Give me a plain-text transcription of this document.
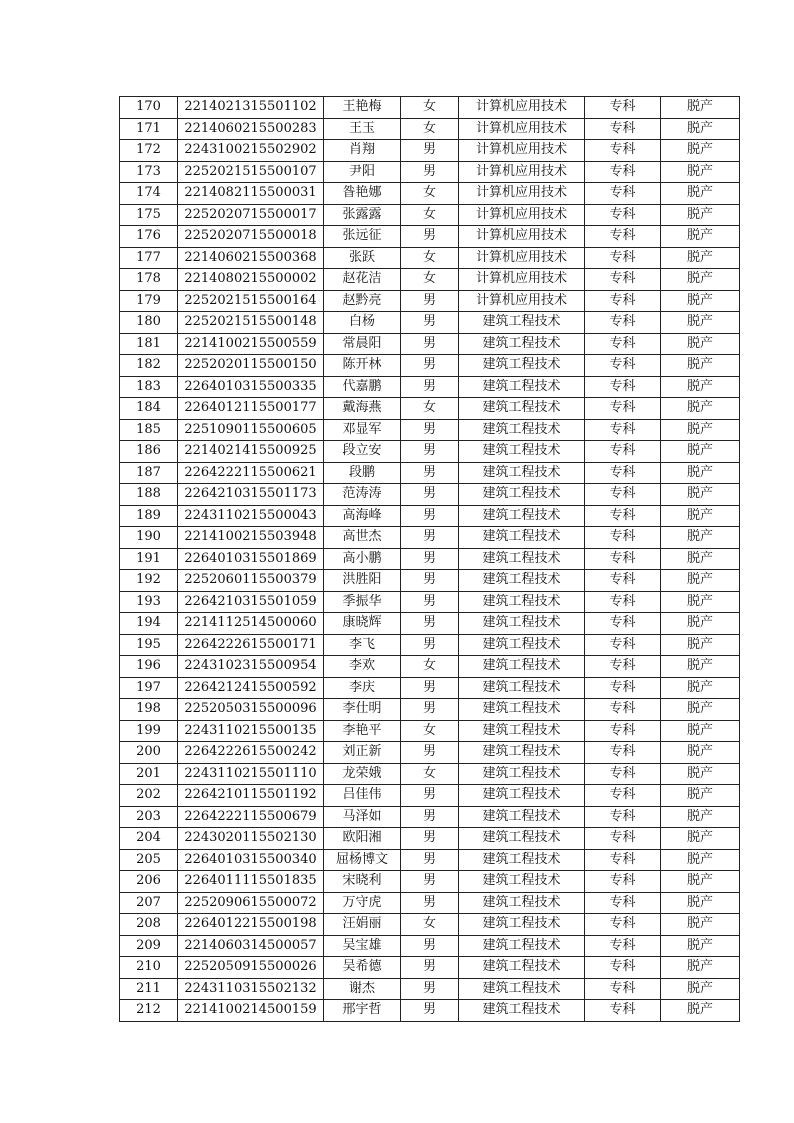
170	2214021315501102	王艳梅	女	计算机应用技术	专科	脱产
171	2214060215500283	王玉	女	计算机应用技术	专科	脱产
172	2243100215502902	肖翔	男	计算机应用技术	专科	脱产
173	2252021515500107	尹阳	男	计算机应用技术	专科	脱产
174	2214082115500031	昝艳娜	女	计算机应用技术	专科	脱产
175	2252020715500017	张露露	女	计算机应用技术	专科	脱产
176	2252020715500018	张远征	男	计算机应用技术	专科	脱产
177	2214060215500368	张跃	女	计算机应用技术	专科	脱产
178	2214080215500002	赵花洁	女	计算机应用技术	专科	脱产
179	2252021515500164	赵黔亮	男	计算机应用技术	专科	脱产
180	2252021515500148	白杨	男	建筑工程技术	专科	脱产
181	2214100215500559	常晨阳	男	建筑工程技术	专科	脱产
182	2252020115500150	陈开林	男	建筑工程技术	专科	脱产
183	2264010315500335	代嘉鹏	男	建筑工程技术	专科	脱产
184	2264012115500177	戴海燕	女	建筑工程技术	专科	脱产
185	2251090115500605	邓显军	男	建筑工程技术	专科	脱产
186	2214021415500925	段立安	男	建筑工程技术	专科	脱产
187	2264222115500621	段鹏	男	建筑工程技术	专科	脱产
188	2264210315501173	范涛涛	男	建筑工程技术	专科	脱产
189	2243110215500043	高海峰	男	建筑工程技术	专科	脱产
190	2214100215503948	高世杰	男	建筑工程技术	专科	脱产
191	2264010315501869	高小鹏	男	建筑工程技术	专科	脱产
192	2252060115500379	洪胜阳	男	建筑工程技术	专科	脱产
193	2264210315501059	季振华	男	建筑工程技术	专科	脱产
194	2214112514500060	康晓辉	男	建筑工程技术	专科	脱产
195	2264222615500171	李飞	男	建筑工程技术	专科	脱产
196	2243102315500954	李欢	女	建筑工程技术	专科	脱产
197	2264212415500592	李庆	男	建筑工程技术	专科	脱产
198	2252050315500096	李仕明	男	建筑工程技术	专科	脱产
199	2243110215500135	李艳平	女	建筑工程技术	专科	脱产
200	2264222615500242	刘正新	男	建筑工程技术	专科	脱产
201	2243110215501110	龙荣娥	女	建筑工程技术	专科	脱产
202	2264210115501192	吕佳伟	男	建筑工程技术	专科	脱产
203	2264222115500679	马泽如	男	建筑工程技术	专科	脱产
204	2243020115502130	欧阳湘	男	建筑工程技术	专科	脱产
205	2264010315500340	屈杨博文	男	建筑工程技术	专科	脱产
206	2264011115501835	宋晓利	男	建筑工程技术	专科	脱产
207	2252090615500072	万守虎	男	建筑工程技术	专科	脱产
208	2264012215500198	汪娟丽	女	建筑工程技术	专科	脱产
209	2214060314500057	吴宝雄	男	建筑工程技术	专科	脱产
210	2252050915500026	吴希德	男	建筑工程技术	专科	脱产
211	2243110315502132	谢杰	男	建筑工程技术	专科	脱产
212	2214100214500159	邢宇哲	男	建筑工程技术	专科	脱产
